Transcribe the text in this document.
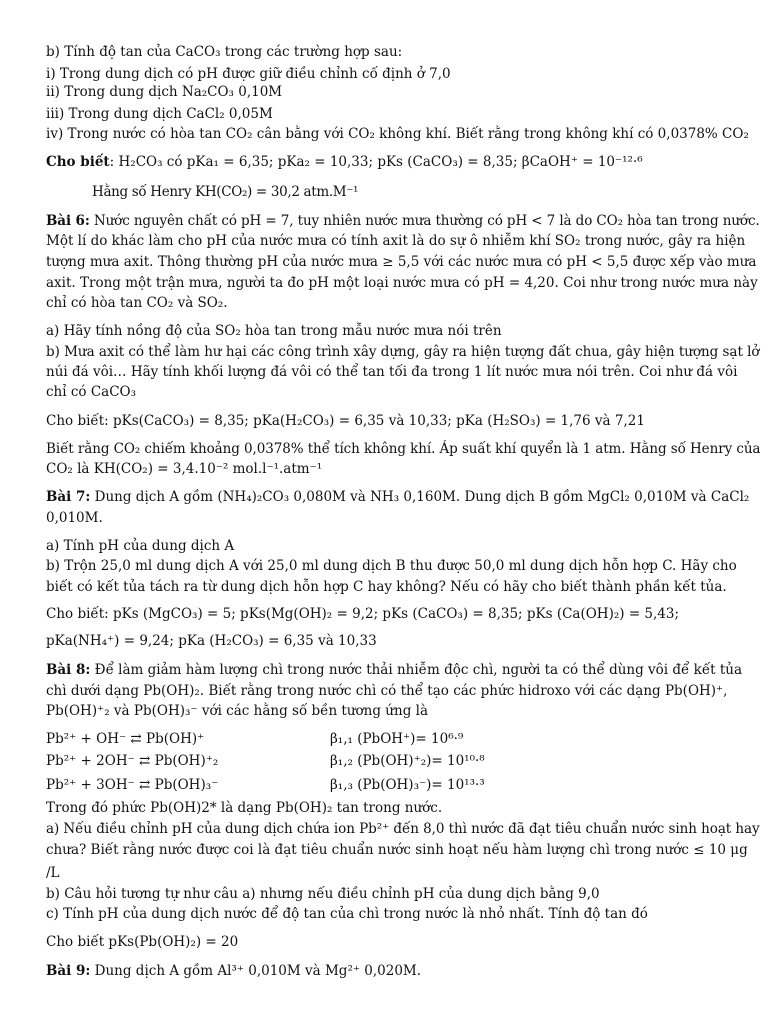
b) Tính độ tan của CaCO₃ trong các trường hợp sau:
i) Trong dung dịch có pH được giữ điều chỉnh cố định ở 7,0
ii) Trong dung dịch Na₂CO₃ 0,10M
iii) Trong dung dịch CaCl₂ 0,05M
iv) Trong nước có hòa tan CO₂ cân bằng với CO₂ không khí. Biết rằng trong không khí có 0,0378% CO₂
Cho biết: H₂CO₃ có pKa₁ = 6,35; pKa₂ = 10,33; pKs (CaCO₃) = 8,35; βCaOH⁺ = 10⁻¹²·⁶
Hằng số Henry KH(CO₂) = 30,2 atm.M⁻¹
Bài 6: Nước nguyên chất có pH = 7, tuy nhiên nước mưa thường có pH < 7 là do CO₂ hòa tan trong nước.
Một lí do khác làm cho pH của nước mưa có tính axit là do sự ô nhiễm khí SO₂ trong nước, gây ra hiện
tượng mưa axit. Thông thường pH của nước mưa ≥ 5,5 với các nước mưa có pH < 5,5 được xếp vào mưa
axit. Trong một trận mưa, người ta đo pH một loại nước mưa có pH = 4,20. Coi như trong nước mưa này
chỉ có hòa tan CO₂ và SO₂.
a) Hãy tính nồng độ của SO₂ hòa tan trong mẫu nước mưa nói trên
b) Mưa axit có thể làm hư hại các công trình xây dựng, gây ra hiện tượng đất chua, gây hiện tượng sạt lở
núi đá vôi… Hãy tính khối lượng đá vôi có thể tan tối đa trong 1 lít nước mưa nói trên. Coi như đá vôi
chỉ có CaCO₃
Cho biết: pKs(CaCO₃) = 8,35; pKa(H₂CO₃) = 6,35 và 10,33; pKa (H₂SO₃) = 1,76 và 7,21
Biết rằng CO₂ chiếm khoảng 0,0378% thể tích không khí. Áp suất khí quyển là 1 atm. Hằng số Henry của
CO₂ là KH(CO₂) = 3,4.10⁻² mol.l⁻¹.atm⁻¹
Bài 7: Dung dịch A gồm (NH₄)₂CO₃ 0,080M và NH₃ 0,160M. Dung dịch B gồm MgCl₂ 0,010M và CaCl₂
0,010M.
a) Tính pH của dung dịch A
b) Trộn 25,0 ml dung dịch A với 25,0 ml dung dịch B thu được 50,0 ml dung dịch hỗn hợp C. Hãy cho
biết có kết tủa tách ra từ dung dịch hỗn hợp C hay không? Nếu có hãy cho biết thành phần kết tủa.
Cho biết: pKs (MgCO₃) = 5; pKs(Mg(OH)₂ = 9,2; pKs (CaCO₃) = 8,35; pKs (Ca(OH)₂) = 5,43;
pKa(NH₄⁺) = 9,24; pKa (H₂CO₃) = 6,35 và 10,33
Bài 8: Để làm giảm hàm lượng chì trong nước thải nhiễm độc chì, người ta có thể dùng vôi để kết tủa
chì dưới dạng Pb(OH)₂. Biết rằng trong nước chì có thể tạo các phức hidroxo với các dạng Pb(OH)⁺,
Pb(OH)⁺₂ và Pb(OH)₃⁻ với các hằng số bền tương ứng là
Pb²⁺ + OH⁻ ⇄ Pb(OH)⁺	β₁,₁ (PbOH⁺)= 10⁶·⁹
Pb²⁺ + 2OH⁻ ⇄ Pb(OH)⁺₂	β₁,₂ (Pb(OH)⁺₂)= 10¹⁰·⁸
Pb²⁺ + 3OH⁻ ⇄ Pb(OH)₃⁻	β₁,₃ (Pb(OH)₃⁻)= 10¹³·³
Trong đó phức Pb(OH)2* là dạng Pb(OH)₂ tan trong nước.
a) Nếu điều chỉnh pH của dung dịch chứa ion Pb²⁺ đến 8,0 thì nước đã đạt tiêu chuẩn nước sinh hoạt hay
chưa? Biết rằng nước được coi là đạt tiêu chuẩn nước sinh hoạt nếu hàm lượng chì trong nước ≤ 10 μg
/L
b) Câu hỏi tương tự như câu a) nhưng nếu điều chỉnh pH của dung dịch bằng 9,0
c) Tính pH của dung dịch nước để độ tan của chì trong nước là nhỏ nhất. Tính độ tan đó
Cho biết pKs(Pb(OH)₂) = 20
Bài 9: Dung dịch A gồm Al³⁺ 0,010M và Mg²⁺ 0,020M.
